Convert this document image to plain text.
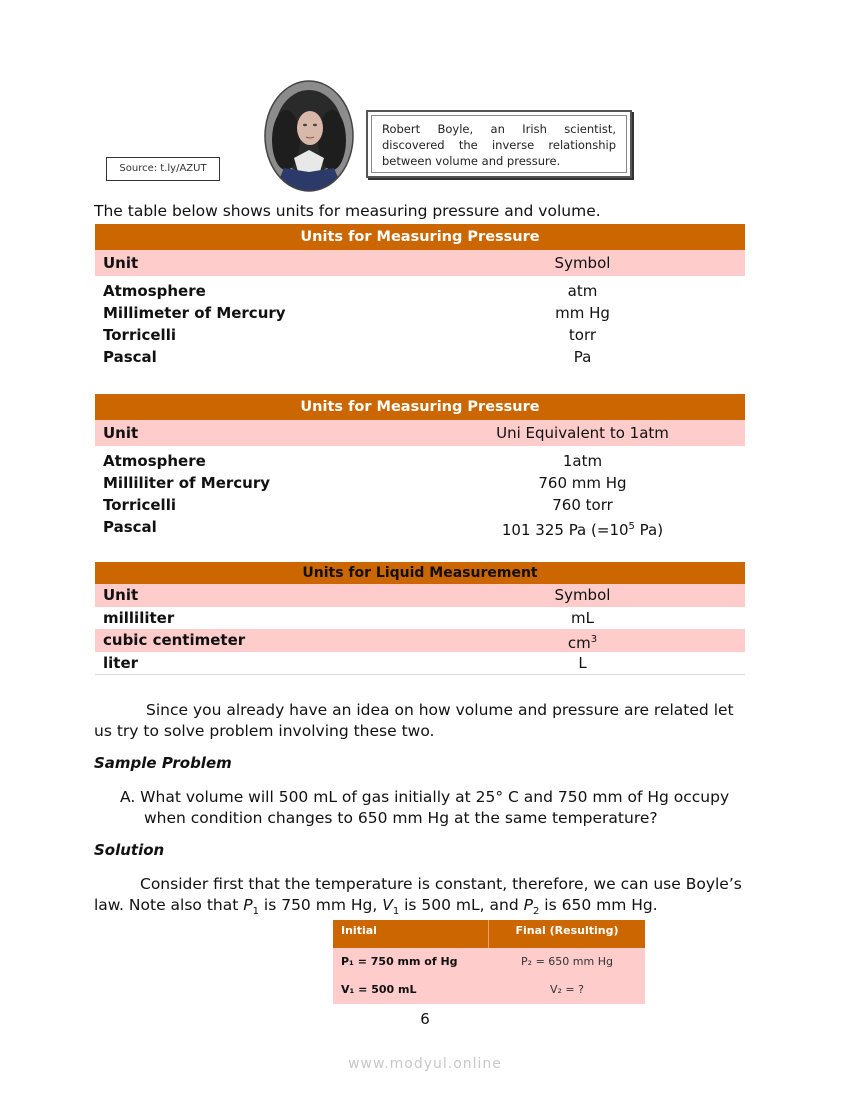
Source: t.ly/AZUT
Robert Boyle, an Irish scientist, discovered the inverse relationship between volume and pressure.
The table below shows units for measuring pressure and volume.
Units for Measuring Pressure
Unit	Symbol
Atmosphere	atm
Millimeter of Mercury	mm Hg
Torricelli	torr
Pascal	Pa
Units for Measuring Pressure
Unit	Uni Equivalent to 1atm
Atmosphere	1atm
Milliliter of Mercury	760 mm Hg
Torricelli	760 torr
Pascal	101 325 Pa ($=10^5$ Pa)
Units for Liquid Measurement
Unit	Symbol
milliliter	mL
cubic centimeter	$cm^3$
liter	L
Since you already have an idea on how volume and pressure are related let us try to solve problem involving these two.
Sample Problem
A. What volume will 500 mL of gas initially at 25° C and 750 mm of Hg occupy when condition changes to 650 mm Hg at the same temperature?
Solution
Consider first that the temperature is constant, therefore, we can use Boyle’s
law. Note also that $P_1$ is 750 mm Hg, $V_1$ is 500 mL, and $P_2$ is 650 mm Hg.
Initial	Final (Resulting)
P₁ = 750 mm of Hg	P₂ = 650 mm Hg
V₁ = 500 mL	V₂ = ?
6
www.modyul.online
